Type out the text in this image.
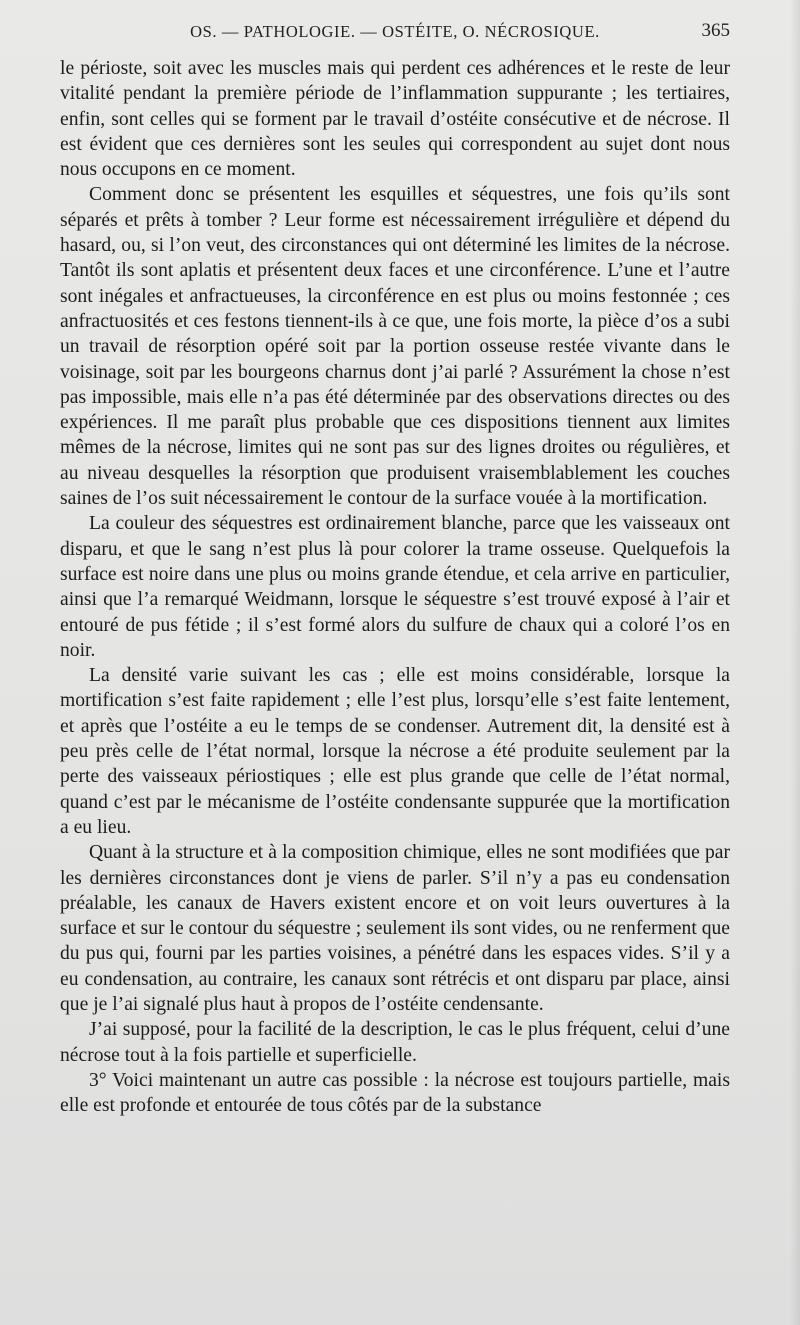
OS. — PATHOLOGIE. — OSTÉITE, O. NÉCROSIQUE.	365

le périoste, soit avec les muscles mais qui perdent ces adhérences et le reste de leur vitalité pendant la première période de l’inflammation suppurante ; les tertiaires, enfin, sont celles qui se forment par le travail d’ostéite consécutive et de nécrose. Il est évident que ces dernières sont les seules qui correspondent au sujet dont nous nous occupons en ce moment.

Comment donc se présentent les esquilles et séquestres, une fois qu’ils sont séparés et prêts à tomber ? Leur forme est nécessairement irrégulière et dépend du hasard, ou, si l’on veut, des circonstances qui ont déterminé les limites de la nécrose. Tantôt ils sont aplatis et présentent deux faces et une circonférence. L’une et l’autre sont inégales et anfractueuses, la circonférence en est plus ou moins festonnée ; ces anfractuosités et ces festons tiennent-ils à ce que, une fois morte, la pièce d’os a subi un travail de résorption opéré soit par la portion osseuse restée vivante dans le voisinage, soit par les bourgeons charnus dont j’ai parlé ? Assurément la chose n’est pas impossible, mais elle n’a pas été déterminée par des observations directes ou des expériences. Il me paraît plus probable que ces dispositions tiennent aux limites mêmes de la nécrose, limites qui ne sont pas sur des lignes droites ou régulières, et au niveau desquelles la résorption que produisent vraisemblablement les couches saines de l’os suit nécessairement le contour de la surface vouée à la mortification.

La couleur des séquestres est ordinairement blanche, parce que les vaisseaux ont disparu, et que le sang n’est plus là pour colorer la trame osseuse. Quelquefois la surface est noire dans une plus ou moins grande étendue, et cela arrive en particulier, ainsi que l’a remarqué Weidmann, lorsque le séquestre s’est trouvé exposé à l’air et entouré de pus fétide ; il s’est formé alors du sulfure de chaux qui a coloré l’os en noir.

La densité varie suivant les cas ; elle est moins considérable, lorsque la mortification s’est faite rapidement ; elle l’est plus, lorsqu’elle s’est faite lentement, et après que l’ostéite a eu le temps de se condenser. Autrement dit, la densité est à peu près celle de l’état normal, lorsque la nécrose a été produite seulement par la perte des vaisseaux périostiques ; elle est plus grande que celle de l’état normal, quand c’est par le mécanisme de l’ostéite condensante suppurée que la mortification a eu lieu.

Quant à la structure et à la composition chimique, elles ne sont modifiées que par les dernières circonstances dont je viens de parler. S’il n’y a pas eu condensation préalable, les canaux de Havers existent encore et on voit leurs ouvertures à la surface et sur le contour du séquestre ; seulement ils sont vides, ou ne renferment que du pus qui, fourni par les parties voisines, a pénétré dans les espaces vides. S’il y a eu condensation, au contraire, les canaux sont rétrécis et ont disparu par place, ainsi que je l’ai signalé plus haut à propos de l’ostéite cendensante.

J’ai supposé, pour la facilité de la description, le cas le plus fréquent, celui d’une nécrose tout à la fois partielle et superficielle.

3° Voici maintenant un autre cas possible : la nécrose est toujours partielle, mais elle est profonde et entourée de tous côtés par de la substance
